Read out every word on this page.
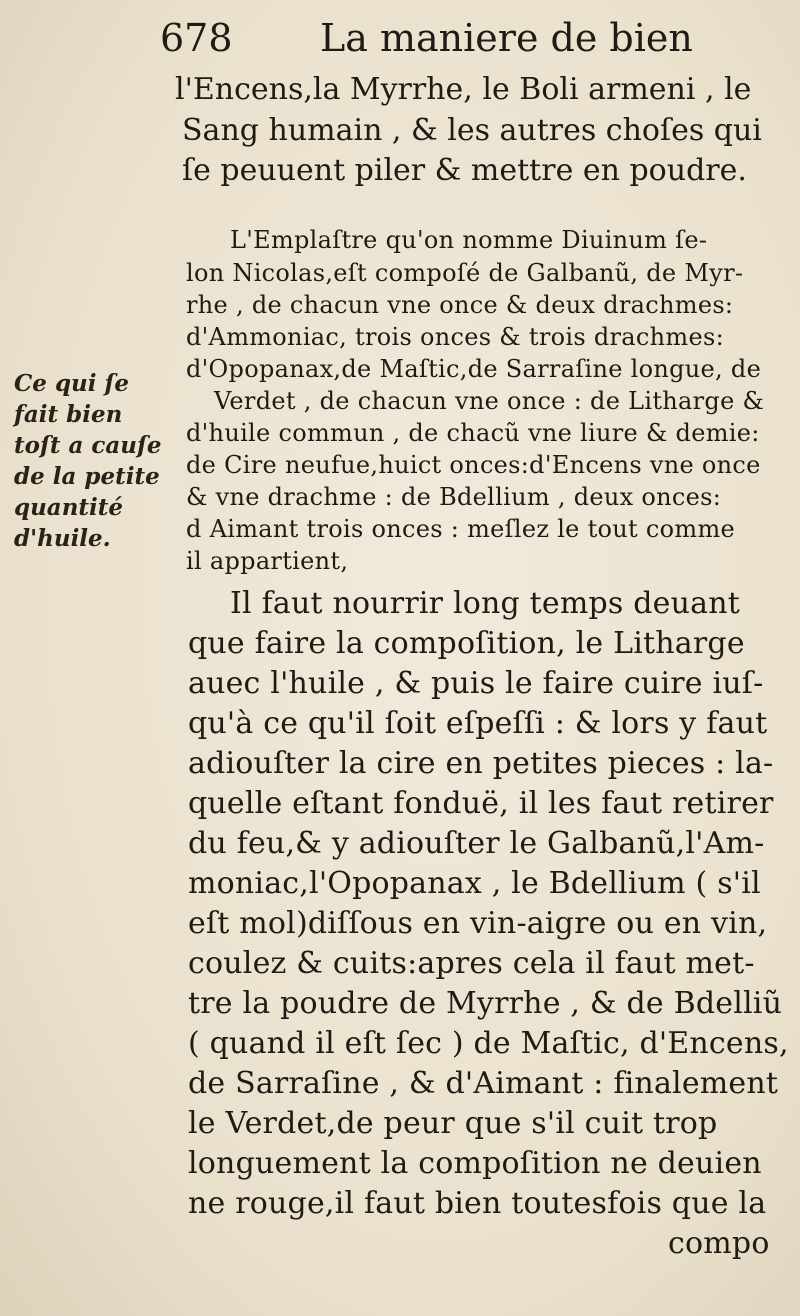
678 La maniere de bien
l'Encens,la Myrrhe, le Boli armeni , le
Sang humain , & les autres choſes qui
ſe peuuent piler & mettre en poudre.
L'Emplaſtre qu'on nomme Diuinum ſe-
lon Nicolas,eſt compoſé de Galbanũ, de Myr-
rhe , de chacun vne once & deux drachmes:
d'Ammoniac, trois onces & trois drachmes:
d'Opopanax,de Maſtic,de Sarraſine longue, de
Verdet , de chacun vne once : de Litharge &
d'huile commun , de chacũ vne liure & demie:
de Cire neufue,huict onces:d'Encens vne once
& vne drachme : de Bdellium , deux onces:
d Aimant trois onces : meſlez le tout comme
il appartient,
Il faut nourrir long temps deuant
que faire la compoſition, le Litharge
auec l'huile , & puis le faire cuire iuſ-
qu'à ce qu'il ſoit eſpeſſi : & lors y faut
adiouſter la cire en petites pieces : la-
quelle eſtant fonduë, il les faut retirer
du feu,& y adiouſter le Galbanũ,l'Am-
moniac,l'Opopanax , le Bdellium ( s'il
eſt mol)diſſous en vin-aigre ou en vin,
coulez & cuits:apres cela il faut met-
tre la poudre de Myrrhe , & de Bdelliũ
( quand il eſt ſec ) de Maſtic, d'Encens,
de Sarraſine , & d'Aimant : finalement
le Verdet,de peur que s'il cuit trop
longuement la compoſition ne deuien
ne rouge,il faut bien toutesfois que la
compo
Ce qui ſe
fait bien
toſt a cauſe
de la petite
quantité
d'huile.
